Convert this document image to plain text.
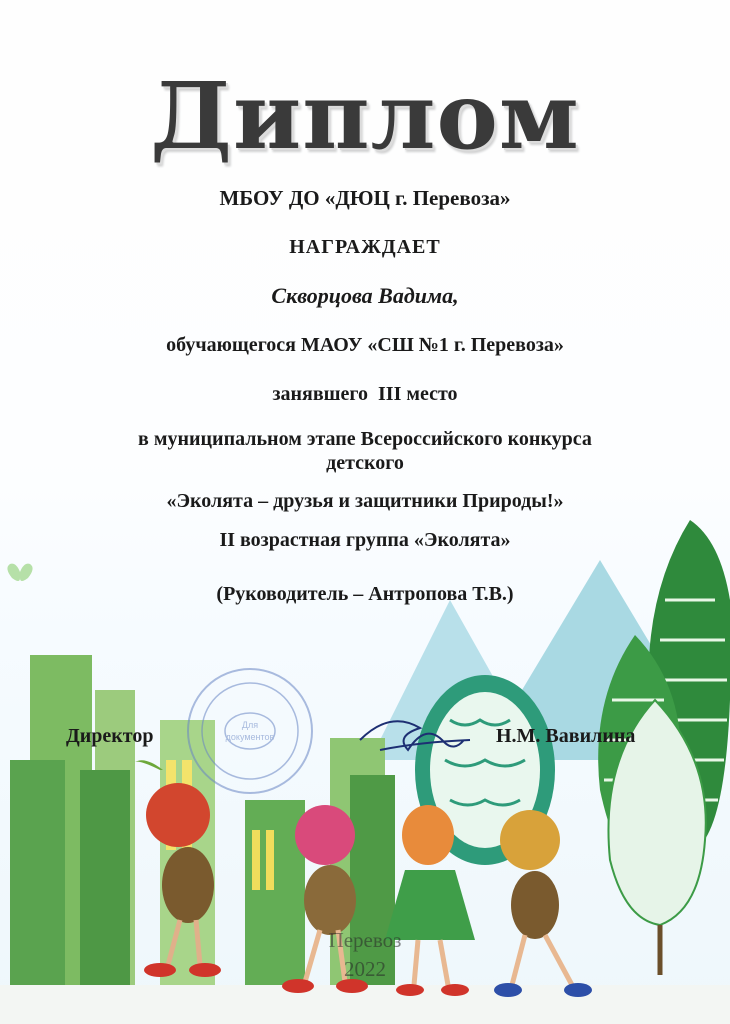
Для
документов
Диплом
МБОУ ДО «ДЮЦ г. Перевоза»
НАГРАЖДАЕТ
Скворцова Вадима,
обучающегося МАОУ «СШ №1 г. Перевоза»
занявшего  III место
в муниципальном этапе Всероссийского конкурса
детского
«Эколята – друзья и защитники Природы!»
II возрастная группа «Эколята»
(Руководитель – Антропова Т.В.)
Директор	Н.М. Вавилина
Перевоз
2022
